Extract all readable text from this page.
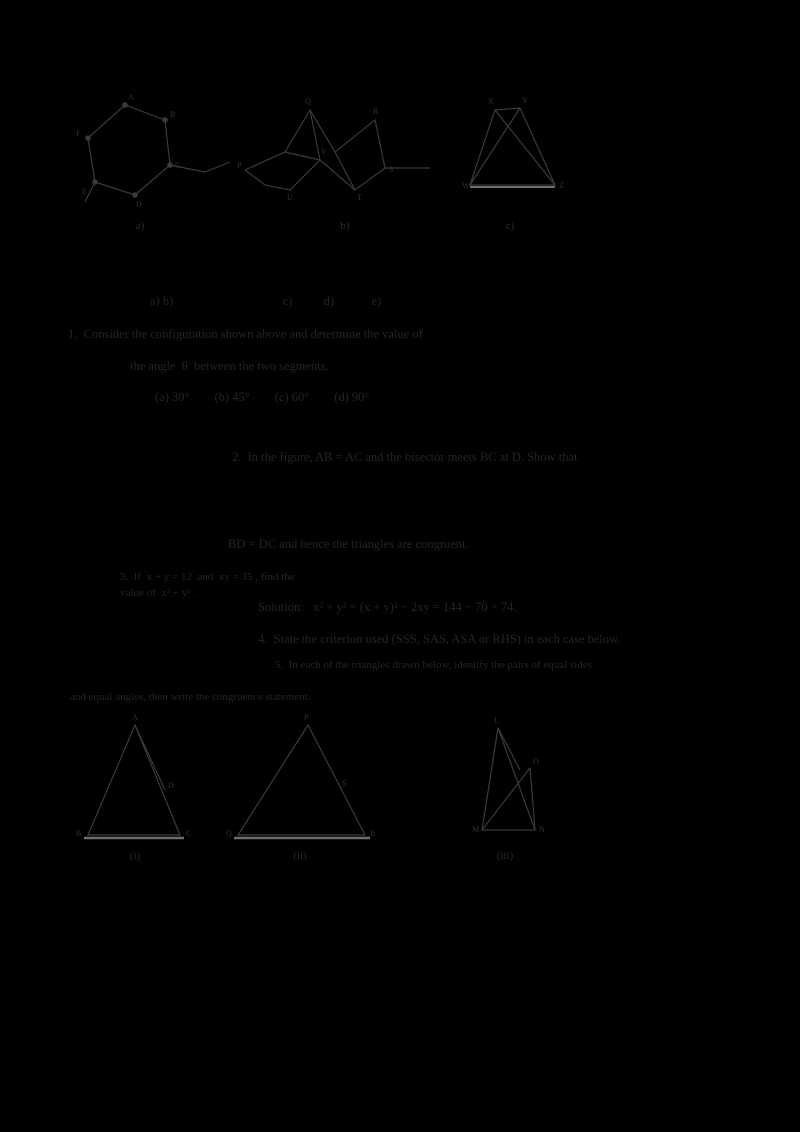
A
B
C
D
E
F
a)
P
Q
R
S
T
U
V
b)
X	Y
Z
W
c)
a) b)                                   c)          d)            e)
1.  Consider the configuration shown above and determine the value of
the angle  θ  between the two segments.
(a) 30°        (b) 45°        (c) 60°        (d) 90°
2.  In the figure, AB = AC and the bisector meets BC at D. Show that
BD = DC and hence the triangles are congruent.
3.  If  x + y = 12  and  xy = 35 , find the value of  x² + y² .
Solution:   x² + y² = (x + y)² − 2xy = 144 − 70 = 74.
4.  State the criterion used (SSS, SAS, ASA or RHS) in each case below.
5.  In each of the triangles drawn below, identify the pairs of equal sides
and equal angles, then write the congruence statement.
A
B	C
D
(i)
P
Q	R
S
(ii)
L
M	N
O
(iii)
